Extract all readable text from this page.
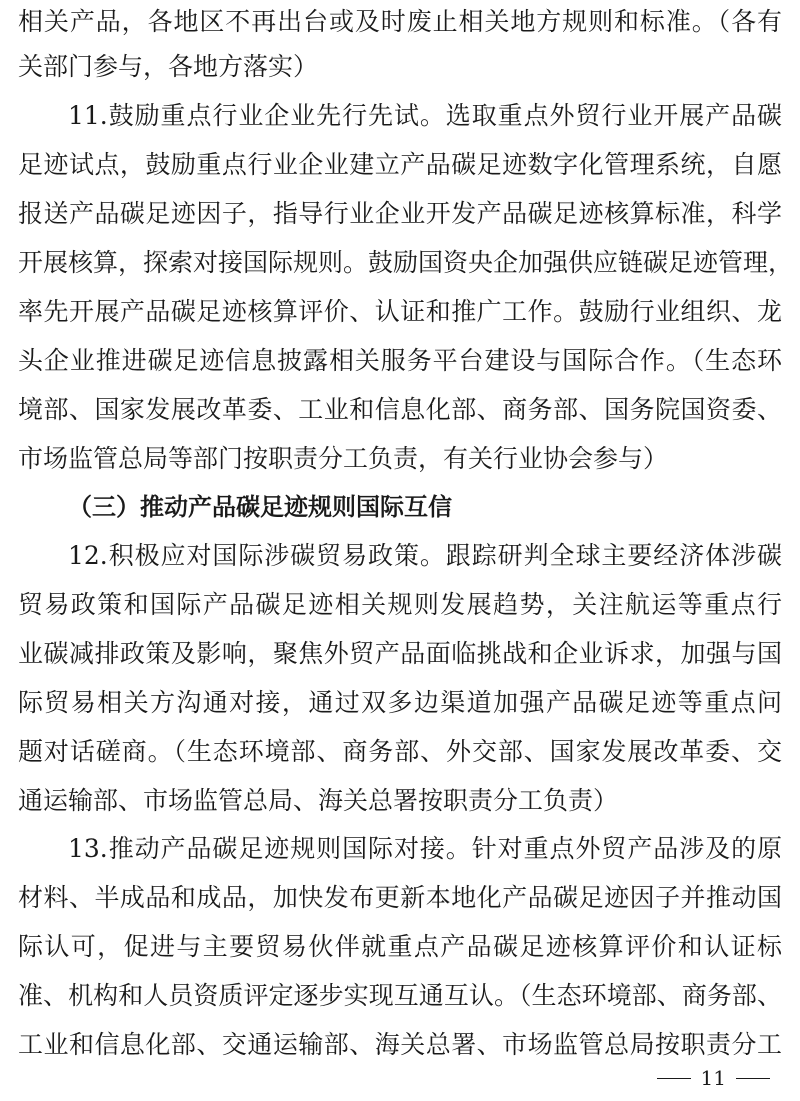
相关产品，各地区不再出台或及时废止相关地方规则和标准。（各有
关部门参与，各地方落实）
11.鼓励重点行业企业先行先试。选取重点外贸行业开展产品碳
足迹试点，鼓励重点行业企业建立产品碳足迹数字化管理系统，自愿
报送产品碳足迹因子，指导行业企业开发产品碳足迹核算标准，科学
开展核算，探索对接国际规则。鼓励国资央企加强供应链碳足迹管理，
率先开展产品碳足迹核算评价、认证和推广工作。鼓励行业组织、龙
头企业推进碳足迹信息披露相关服务平台建设与国际合作。（生态环
境部、国家发展改革委、工业和信息化部、商务部、国务院国资委、
市场监管总局等部门按职责分工负责，有关行业协会参与）
（三）推动产品碳足迹规则国际互信
12.积极应对国际涉碳贸易政策。跟踪研判全球主要经济体涉碳
贸易政策和国际产品碳足迹相关规则发展趋势，关注航运等重点行
业碳减排政策及影响，聚焦外贸产品面临挑战和企业诉求，加强与国
际贸易相关方沟通对接，通过双多边渠道加强产品碳足迹等重点问
题对话磋商。（生态环境部、商务部、外交部、国家发展改革委、交
通运输部、市场监管总局、海关总署按职责分工负责）
13.推动产品碳足迹规则国际对接。针对重点外贸产品涉及的原
材料、半成品和成品，加快发布更新本地化产品碳足迹因子并推动国
际认可，促进与主要贸易伙伴就重点产品碳足迹核算评价和认证标
准、机构和人员资质评定逐步实现互通互认。（生态环境部、商务部、
工业和信息化部、交通运输部、海关总署、市场监管总局按职责分工
11
